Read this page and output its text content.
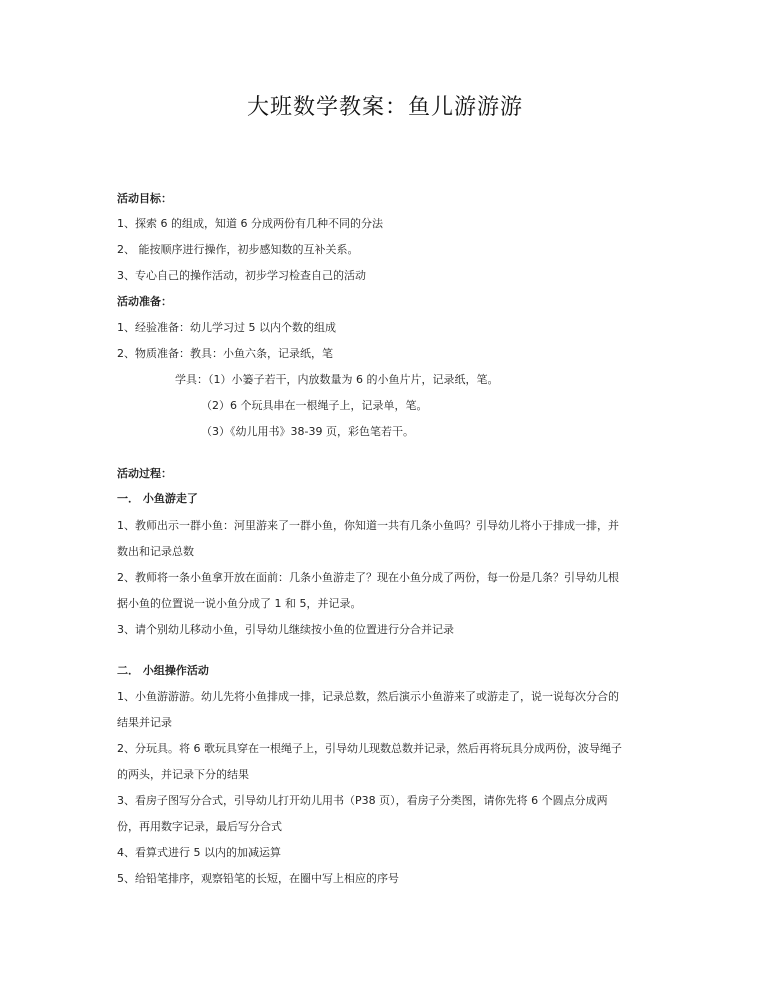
大班数学教案：鱼儿游游游
活动目标：
1、探索 6 的组成，知道 6 分成两份有几种不同的分法
2、 能按顺序进行操作，初步感知数的互补关系。
3、专心自己的操作活动，初步学习检查自己的活动
活动准备：
1、经验准备：幼儿学习过 5 以内个数的组成
2、物质准备：教具：小鱼六条，记录纸，笔
学具：（1）小篓子若干，内放数量为 6 的小鱼片片，记录纸，笔。
（2）6 个玩具串在一根绳子上，记录单，笔。
（3）《幼儿用书》38-39 页，彩色笔若干。
活动过程：
一． 小鱼游走了
1、教师出示一群小鱼：河里游来了一群小鱼，你知道一共有几条小鱼吗？引导幼儿将小于排成一排，并
数出和记录总数
2、教师将一条小鱼拿开放在面前：几条小鱼游走了？现在小鱼分成了两份，每一份是几条？引导幼儿根
据小鱼的位置说一说小鱼分成了 1 和 5，并记录。
3、请个别幼儿移动小鱼，引导幼儿继续按小鱼的位置进行分合并记录
二． 小组操作活动
1、小鱼游游游。幼儿先将小鱼排成一排，记录总数，然后演示小鱼游来了或游走了，说一说每次分合的
结果并记录
2、分玩具。将 6 歌玩具穿在一根绳子上，引导幼儿现数总数并记录，然后再将玩具分成两份，波导绳子
的两头，并记录下分的结果
3、看房子图写分合式，引导幼儿打开幼儿用书（P38 页），看房子分类图，请你先将 6 个圆点分成两
份，再用数字记录，最后写分合式
4、看算式进行 5 以内的加减运算
5、给铅笔排序，观察铅笔的长短，在圈中写上相应的序号
